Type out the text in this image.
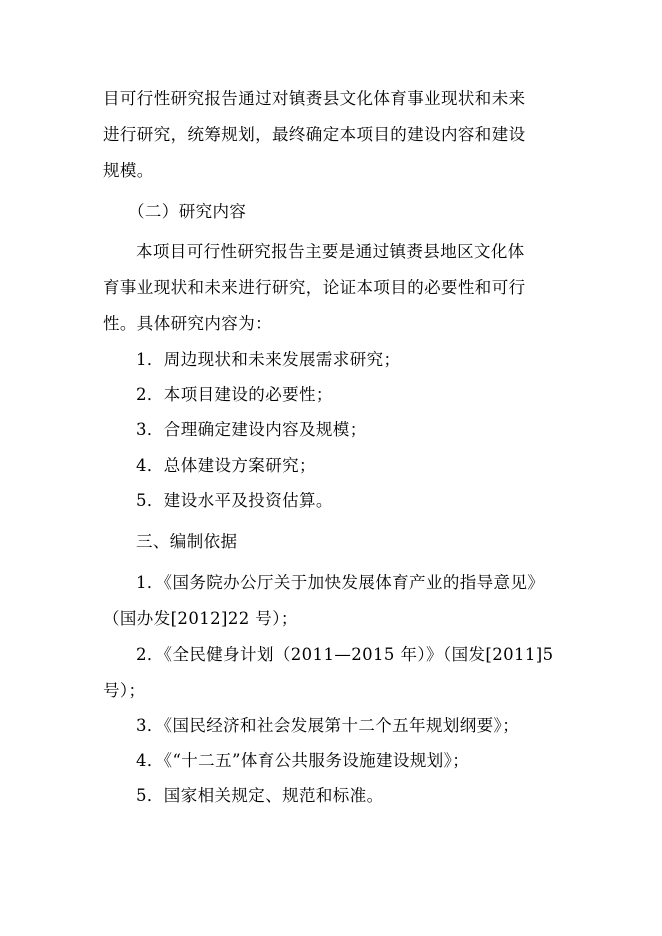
目可行性研究报告通过对镇赉县文化体育事业现状和未来
进行研究，统筹规划，最终确定本项目的建设内容和建设
规模。
（二）研究内容
本项目可行性研究报告主要是通过镇赉县地区文化体
育事业现状和未来进行研究，论证本项目的必要性和可行
性。具体研究内容为：
1．周边现状和未来发展需求研究；
2．本项目建设的必要性；
3．合理确定建设内容及规模；
4．总体建设方案研究；
5．建设水平及投资估算。
三、编制依据
1．《国务院办公厅关于加快发展体育产业的指导意见》
（国办发[2012]22 号）；
2．《全民健身计划（2011—2015 年）》（国发[2011]5
号）；
3．《国民经济和社会发展第十二个五年规划纲要》；
4．《“十二五”体育公共服务设施建设规划》；
5．国家相关规定、规范和标准。
